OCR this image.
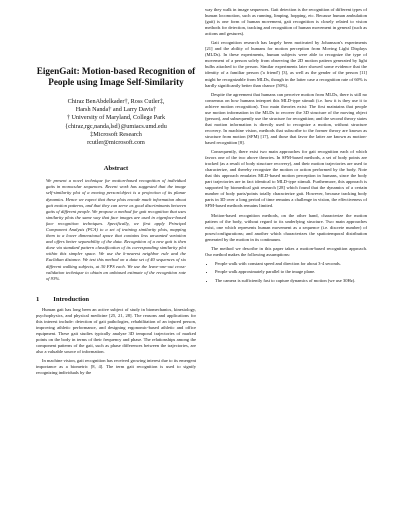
EigenGait: Motion-based Recognition of People using Image Self-Similarity
Chiraz BenAbdelkader†, Ross Cutler‡,
Harsh Nanda† and Larry Davis†
† University of Maryland, College Park
{chiraz,rgc,nanda,lsd}@umiacs.umd.edu
‡Microsoft Research
rcutler@microsoft.com
Abstract
We present a novel technique for motion-based recognition of individual gaits in monocular sequences. Recent work has suggested that the image self-similarity plot of a moving person/object is a projection of its planar dynamics. Hence we expect that these plots encode much information about gait motion patterns, and that they can serve as good discriminants between gaits of different people. We propose a method for gait recognition that uses similarity plots the same way that face images are used in eigenface-based face recognition techniques. Specifically, we first apply Principal Component Analysis (PCA) to a set of training similarity plots, mapping them to a lower dimensional space that contains less unwanted variation and offers better separability of the data. Recognition of a new gait is then done via standard pattern classification of its corresponding similarity plot within this simpler space. We use the k-nearest neighbor rule and the Euclidian distance. We test this method on a data set of 40 sequences of six different walking subjects, at 30 FPS each. We use the leave-one-out cross-validation technique to obtain an unbiased estimate of the recognition rate of 93%.
1 Introduction

Human gait has long been an active subject of study in biomechanics, kinesiology, psychophysics, and physical medicine [25, 21, 28]. The reasons and applications for this interest include: detection of gait pathologies, rehabilitation of an injured person, improving athletic performance, and designing ergonomic-based athletic and office equipment. These gait studies typically analyze 3D temporal trajectories of marked points on the body in terms of their frequency and phase. The relationships among the component patterns of the gait, such as phase differences between the trajectories, are also a valuable source of information.

In machine vision, gait recognition has received growing interest due to its emergent importance as a biometric [8, 4]. The term gait recognition is used to signify recognizing individuals by the

way they walk in image sequences. Gait detection is the recognition of different types of human locomotion, such as running, limping, hopping, etc. Because human ambulation (gait) is one form of human movement, gait recognition is closely related to vision methods for detection, tracking and recognition of human movement in general (such as actions and gestures).

Gait recognition research has largely been motivated by Johansson's experiments [21] and the ability of humans for motion perception from Moving Light Displays (MLDs). In these experiments, human subjects were able to recognize the type of movement of a person solely from observing the 2D motion pattern generated by light bulbs attached to the person. Similar experiments later showed some evidence that the identity of a familiar person ('a friend') [3], as well as the gender of the person [11] might be recognizable from MLDs, though in the latter case a recognition rate of 60% is hardly significantly better than chance (50%).

Despite the agreement that humans can perceive motion from MLDs, there is still no consensus on how humans interpret this MLD-type stimuli (i.e. how it is they use it to achieve motion recognition). Two main theories exist: The first maintains that people use motion information in the MLDs to recover the 3D structure of the moving object (person), and subsequently use the structure for recognition; and the second theory states that motion information is directly used to recognize a motion, without structure recovery. In machine vision, methods that subscribe to the former theory are known as structure from motion (SFM) [17], and those that favor the latter are known as motion-based recognition [8].

Consequently, there exist two main approaches for gait recognition each of which favors one of the two above theories. In SFM-based methods, a set of body points are tracked (as a result of body structure recovery), and their motion trajectories are used to characterize, and thereby recognize the motion or action performed by the body. Note that this approach emulates MLD-based motion perception in humans, since the body part trajectories are in fact identical to MLD-type stimuli. Furthermore, this approach is supported by biomedical gait research [28] which found that the dynamics of a certain number of body parts/points totally characterize gait. However, because tracking body parts in 3D over a long period of time remains a challenge in vision, the effectiveness of SFM-based methods remains limited.

Motion-based recognition methods, on the other hand, characterize the motion pattern of the body, without regard to its underlying structure. Two main approaches exist, one which represents human movement as a sequence (i.e. discrete number) of poses/configurations; and another which characterizes the spatiotemporal distribution generated by the motion in its continuum.

The method we describe in this paper takes a motion-based recognition approach. Our method makes the following assumptions:

• People walk with constant speed and direction for about 3-4 seconds.
• People walk approximately parallel to the image plane.
• The camera is sufficiently fast to capture dynamics of motion (we use 30Hz).
